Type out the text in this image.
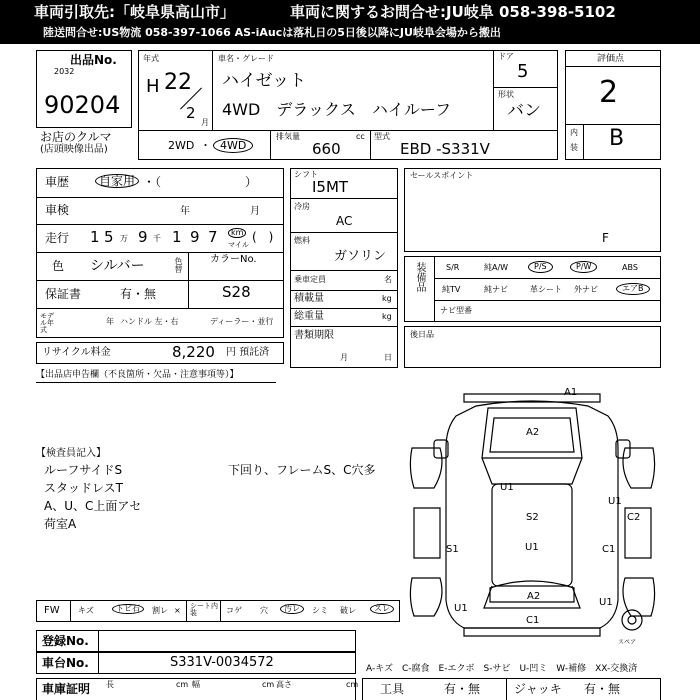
車両引取先:「岐阜県高山市」	車両に関するお問合せ:JU岐阜 058-398-5102
陸送問合せ:US物流 058-397-1066 AS-iAucは落札日の5日後以降にJU岐阜会場から搬出
出品No.
2032
90204
お店のクルマ
(店頭映像出品)
年式
H 22
2
月
車名・グレード
ハイゼット
4WD　デラックス　ハイルーフ
ドア
5
形状
バン
2WD ・ 4WD
排気量	cc
660
型式
EBD -S331V
評価点
2
内
装 B
車歴	自家用 ・（　　　　　　　）
車検	年	月
走行 1 5 万 9 千 1 9 7	km
マイル
(　)
色 シルバー	色替	カラーNo.
S28
保証書	有・無
モデル年式
年 ハンドル 左・右	ディーラー・並行
リサイクル料金	8,220 円 預託済
シフト
I5MT
冷房
AC
燃料
ガソリン
乗車定員	名
積載量	kg
総重量	kg
書類期限
月	日
セールスポイント
F
装備品	S/R	純A/W	P/S	P/W	ABS
純TV	純ナビ	革シート 外ナビ	エアB
ナビ型番
後日品
【出品店申告欄（不良箇所・欠品・注意事項等）】
【検査員記入】
ルーフサイドS
スタッドレスT
A、U、C上面アセ
荷室A
下回り、フレームS、C穴多
A1
A2
U1
S2
U1
S1
U1
C2
C1
U1
A2
U1
C1
スペア
FW キズ	トビ石	割レ × シート内装	コゲ 穴	汚レ	シミ 破レ	スレ
登録No.
車台No.	S331V-0034572
車庫証明 長	cm 幅	cm 高さ	cm
A-キズ　C-腐食　E-エクボ　S-サビ　U-凹ミ　W-補修　XX-交換済
工具	有・無	ジャッキ 有・無
